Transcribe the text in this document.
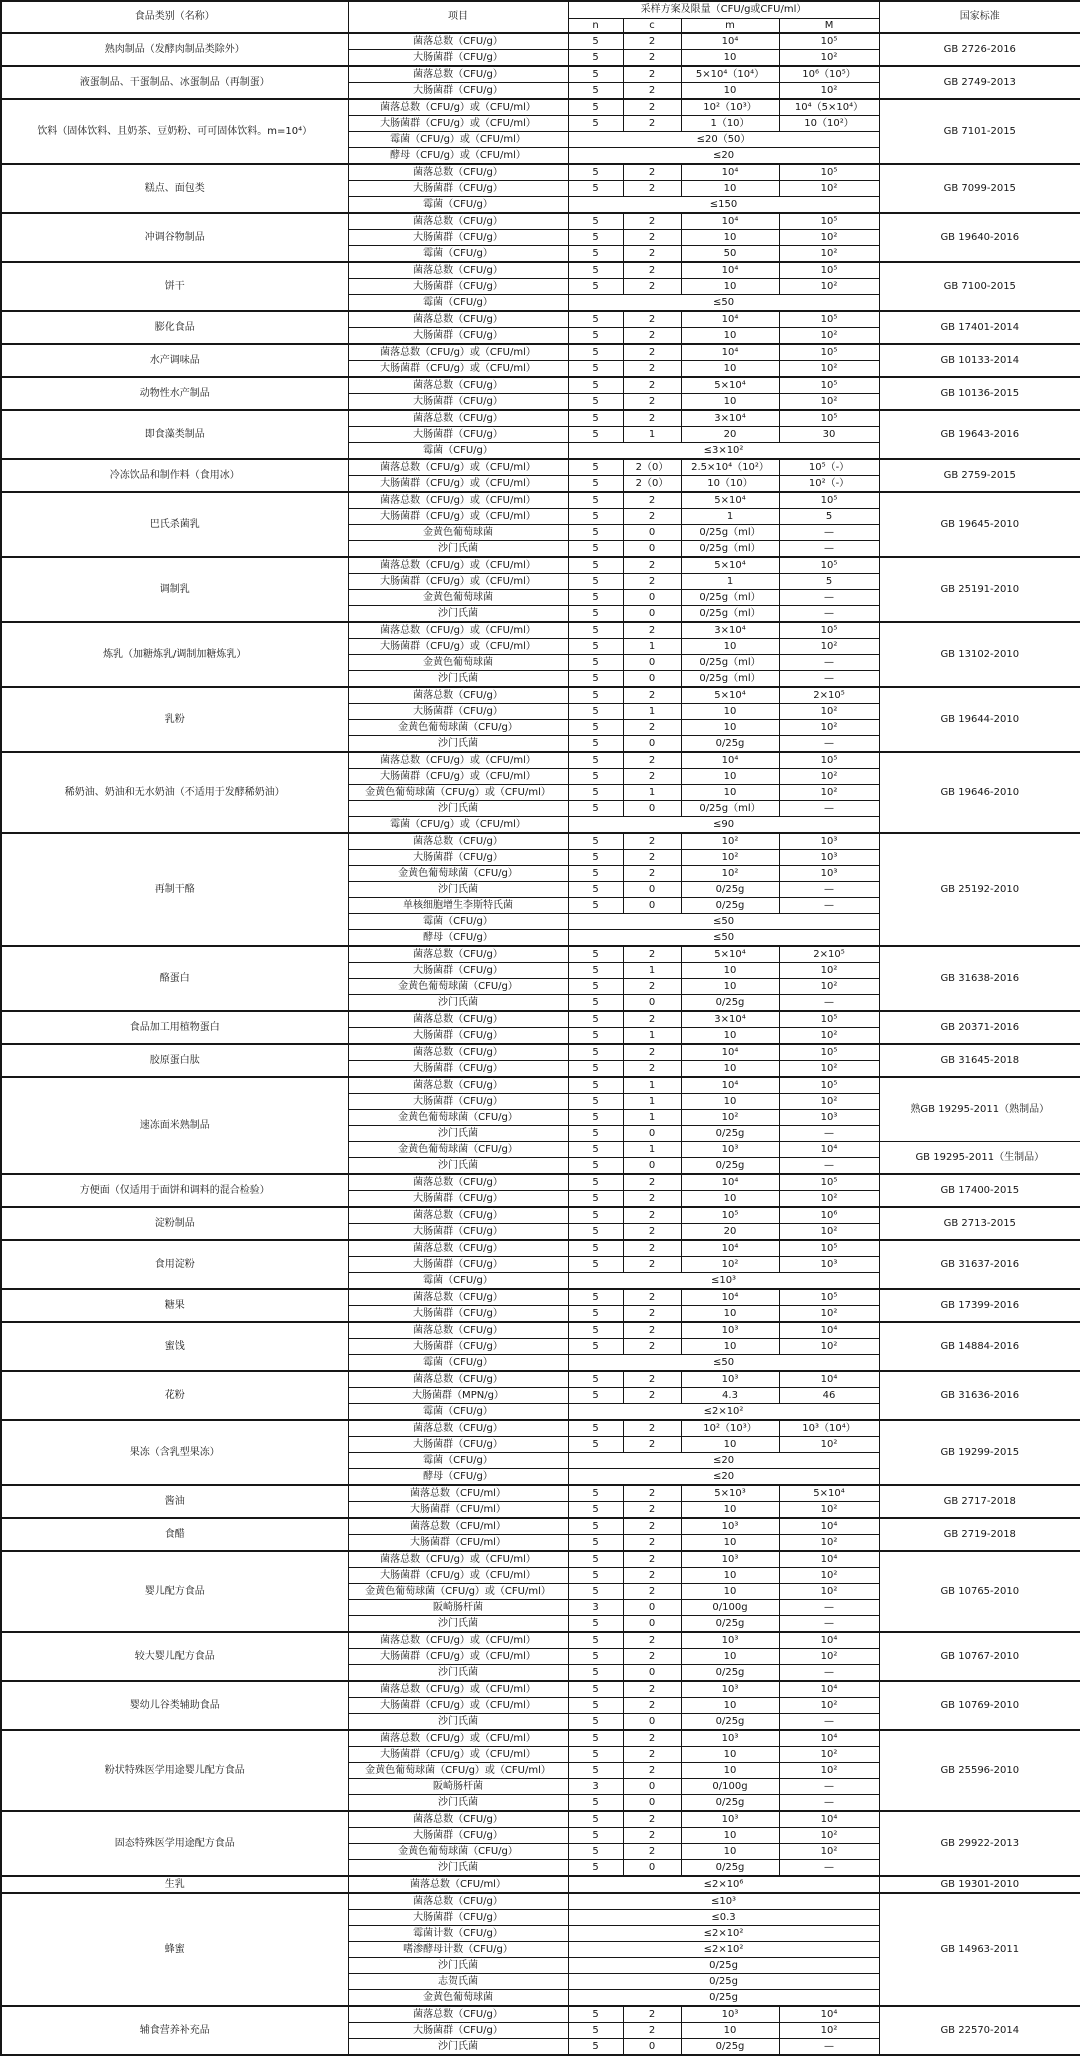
食品类别（名称）	项目	采样方案及限量（CFU/g或CFU/ml）				国家标准
		n	c	m	M	
熟肉制品（发酵肉制品类除外）	菌落总数（CFU/g）	5	2	10⁴	10⁵	GB 2726-2016
	大肠菌群（CFU/g）	5	2	10	10²	
液蛋制品、干蛋制品、冰蛋制品（再制蛋）	菌落总数（CFU/g）	5	2	5×10⁴（10⁴）	10⁶（10⁵）	GB 2749-2013
	大肠菌群（CFU/g）	5	2	10	10²	
饮料（固体饮料、且奶茶、豆奶粉、可可固体饮料。m=10⁴）	菌落总数（CFU/g）或（CFU/ml）	5	2	10²（10³）	10⁴（5×10⁴）	GB 7101-2015
	大肠菌群（CFU/g）或（CFU/ml）	5	2	1（10）	10（10²）	
	霉菌（CFU/g）或（CFU/ml）	≤20（50）				
	酵母（CFU/g）或（CFU/ml）	≤20				
糕点、面包类	菌落总数（CFU/g）	5	2	10⁴	10⁵	GB 7099-2015
	大肠菌群（CFU/g）	5	2	10	10²	
	霉菌（CFU/g）	≤150				
冲调谷物制品	菌落总数（CFU/g）	5	2	10⁴	10⁵	GB 19640-2016
	大肠菌群（CFU/g）	5	2	10	10²	
	霉菌（CFU/g）	5	2	50	10²	
饼干	菌落总数（CFU/g）	5	2	10⁴	10⁵	GB 7100-2015
	大肠菌群（CFU/g）	5	2	10	10²	
	霉菌（CFU/g）	≤50				
膨化食品	菌落总数（CFU/g）	5	2	10⁴	10⁵	GB 17401-2014
	大肠菌群（CFU/g）	5	2	10	10²	
水产调味品	菌落总数（CFU/g）或（CFU/ml）	5	2	10⁴	10⁵	GB 10133-2014
	大肠菌群（CFU/g）或（CFU/ml）	5	2	10	10²	
动物性水产制品	菌落总数（CFU/g）	5	2	5×10⁴	10⁵	GB 10136-2015
	大肠菌群（CFU/g）	5	2	10	10²	
即食藻类制品	菌落总数（CFU/g）	5	2	3×10⁴	10⁵	GB 19643-2016
	大肠菌群（CFU/g）	5	1	20	30	
	霉菌（CFU/g）	≤3×10²				
冷冻饮品和制作料（食用冰）	菌落总数（CFU/g）或（CFU/ml）	5	2（0）	2.5×10⁴（10²）	10⁵（-）	GB 2759-2015
	大肠菌群（CFU/g）或（CFU/ml）	5	2（0）	10（10）	10²（-）	
巴氏杀菌乳	菌落总数（CFU/g）或（CFU/ml）	5	2	5×10⁴	10⁵	GB 19645-2010
	大肠菌群（CFU/g）或（CFU/ml）	5	2	1	5	
	金黄色葡萄球菌	5	0	0/25g（ml）	—	
	沙门氏菌	5	0	0/25g（ml）	—	
调制乳	菌落总数（CFU/g）或（CFU/ml）	5	2	5×10⁴	10⁵	GB 25191-2010
	大肠菌群（CFU/g）或（CFU/ml）	5	2	1	5	
	金黄色葡萄球菌	5	0	0/25g（ml）	—	
	沙门氏菌	5	0	0/25g（ml）	—	
炼乳（加糖炼乳/调制加糖炼乳）	菌落总数（CFU/g）或（CFU/ml）	5	2	3×10⁴	10⁵	GB 13102-2010
	大肠菌群（CFU/g）或（CFU/ml）	5	1	10	10²	
	金黄色葡萄球菌	5	0	0/25g（ml）	—	
	沙门氏菌	5	0	0/25g（ml）	—	
乳粉	菌落总数（CFU/g）	5	2	5×10⁴	2×10⁵	GB 19644-2010
	大肠菌群（CFU/g）	5	1	10	10²	
	金黄色葡萄球菌（CFU/g）	5	2	10	10²	
	沙门氏菌	5	0	0/25g	—	
稀奶油、奶油和无水奶油（不适用于发酵稀奶油）	菌落总数（CFU/g）或（CFU/ml）	5	2	10⁴	10⁵	GB 19646-2010
	大肠菌群（CFU/g）或（CFU/ml）	5	2	10	10²	
	金黄色葡萄球菌（CFU/g）或（CFU/ml）	5	1	10	10²	
	沙门氏菌	5	0	0/25g（ml）	—	
	霉菌（CFU/g）或（CFU/ml）	≤90				
再制干酪	菌落总数（CFU/g）	5	2	10²	10³	GB 25192-2010
	大肠菌群（CFU/g）	5	2	10²	10³	
	金黄色葡萄球菌（CFU/g）	5	2	10²	10³	
	沙门氏菌	5	0	0/25g	—	
	单核细胞增生李斯特氏菌	5	0	0/25g	—	
	霉菌（CFU/g）	≤50				
	酵母（CFU/g）	≤50				
酪蛋白	菌落总数（CFU/g）	5	2	5×10⁴	2×10⁵	GB 31638-2016
	大肠菌群（CFU/g）	5	1	10	10²	
	金黄色葡萄球菌（CFU/g）	5	2	10	10²	
	沙门氏菌	5	0	0/25g	—	
食品加工用植物蛋白	菌落总数（CFU/g）	5	2	3×10⁴	10⁵	GB 20371-2016
	大肠菌群（CFU/g）	5	1	10	10²	
胶原蛋白肽	菌落总数（CFU/g）	5	2	10⁴	10⁵	GB 31645-2018
	大肠菌群（CFU/g）	5	2	10	10²	
速冻面米熟制品	菌落总数（CFU/g）	5	1	10⁴	10⁵	熟GB 19295-2011（熟制品）
	大肠菌群（CFU/g）	5	1	10	10²	
	金黄色葡萄球菌（CFU/g）	5	1	10²	10³	
	沙门氏菌	5	0	0/25g	—	
	金黄色葡萄球菌（CFU/g）	5	1	10³	10⁴	GB 19295-2011（生制品）
	沙门氏菌	5	0	0/25g	—	
方便面（仅适用于面饼和调料的混合检验）	菌落总数（CFU/g）	5	2	10⁴	10⁵	GB 17400-2015
	大肠菌群（CFU/g）	5	2	10	10²	
淀粉制品	菌落总数（CFU/g）	5	2	10⁵	10⁶	GB 2713-2015
	大肠菌群（CFU/g）	5	2	20	10²	
食用淀粉	菌落总数（CFU/g）	5	2	10⁴	10⁵	GB 31637-2016
	大肠菌群（CFU/g）	5	2	10²	10³	
	霉菌（CFU/g）	≤10³				
糖果	菌落总数（CFU/g）	5	2	10⁴	10⁵	GB 17399-2016
	大肠菌群（CFU/g）	5	2	10	10²	
蜜饯	菌落总数（CFU/g）	5	2	10³	10⁴	GB 14884-2016
	大肠菌群（CFU/g）	5	2	10	10²	
	霉菌（CFU/g）	≤50				
花粉	菌落总数（CFU/g）	5	2	10³	10⁴	GB 31636-2016
	大肠菌群（MPN/g）	5	2	4.3	46	
	霉菌（CFU/g）	≤2×10²				
果冻（含乳型果冻）	菌落总数（CFU/g）	5	2	10²（10³）	10³（10⁴）	GB 19299-2015
	大肠菌群（CFU/g）	5	2	10	10²	
	霉菌（CFU/g）	≤20				
	酵母（CFU/g）	≤20				
酱油	菌落总数（CFU/ml）	5	2	5×10³	5×10⁴	GB 2717-2018
	大肠菌群（CFU/ml）	5	2	10	10²	
食醋	菌落总数（CFU/ml）	5	2	10³	10⁴	GB 2719-2018
	大肠菌群（CFU/ml）	5	2	10	10²	
婴儿配方食品	菌落总数（CFU/g）或（CFU/ml）	5	2	10³	10⁴	GB 10765-2010
	大肠菌群（CFU/g）或（CFU/ml）	5	2	10	10²	
	金黄色葡萄球菌（CFU/g）或（CFU/ml）	5	2	10	10²	
	阪崎肠杆菌	3	0	0/100g	—	
	沙门氏菌	5	0	0/25g	—	
较大婴儿配方食品	菌落总数（CFU/g）或（CFU/ml）	5	2	10³	10⁴	GB 10767-2010
	大肠菌群（CFU/g）或（CFU/ml）	5	2	10	10²	
	沙门氏菌	5	0	0/25g	—	
婴幼儿谷类辅助食品	菌落总数（CFU/g）或（CFU/ml）	5	2	10³	10⁴	GB 10769-2010
	大肠菌群（CFU/g）或（CFU/ml）	5	2	10	10²	
	沙门氏菌	5	0	0/25g	—	
粉状特殊医学用途婴儿配方食品	菌落总数（CFU/g）或（CFU/ml）	5	2	10³	10⁴	GB 25596-2010
	大肠菌群（CFU/g）或（CFU/ml）	5	2	10	10²	
	金黄色葡萄球菌（CFU/g）或（CFU/ml）	5	2	10	10²	
	阪崎肠杆菌	3	0	0/100g	—	
	沙门氏菌	5	0	0/25g	—	
固态特殊医学用途配方食品	菌落总数（CFU/g）	5	2	10³	10⁴	GB 29922-2013
	大肠菌群（CFU/g）	5	2	10	10²	
	金黄色葡萄球菌（CFU/g）	5	2	10	10²	
	沙门氏菌	5	0	0/25g	—	
生乳	菌落总数（CFU/ml）	≤2×10⁶				GB 19301-2010
蜂蜜	菌落总数（CFU/g）	≤10³				GB 14963-2011
	大肠菌群（CFU/g）	≤0.3				
	霉菌计数（CFU/g）	≤2×10²				
	嗜渗酵母计数（CFU/g）	≤2×10²				
	沙门氏菌	0/25g				
	志贺氏菌	0/25g				
	金黄色葡萄球菌	0/25g				
辅食营养补充品	菌落总数（CFU/g）	5	2	10³	10⁴	GB 22570-2014
	大肠菌群（CFU/g）	5	2	10	10²	
	沙门氏菌	5	0	0/25g	—	
